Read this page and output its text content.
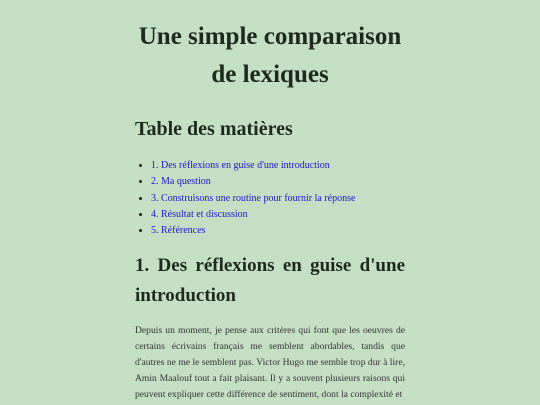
Une simple comparaison de lexiques
Table des matières
• 1. Des réflexions en guise d'une introduction
• 2. Ma question
• 3. Construisons une routine pour fournir la réponse
• 4. Résultat et discussion
• 5. Références
1. Des réflexions en guise d'une introduction

Depuis un moment, je pense aux critères qui font que les oeuvres de certains écrivains français me semblent abordables, tandis que d'autres ne me le semblent pas. Victor Hugo me semble trop dur à lire, Amin Maalouf tout a fait plaisant. Il y a souvent plusieurs raisons qui peuvent expliquer cette différence de sentiment, dont la complexité et
